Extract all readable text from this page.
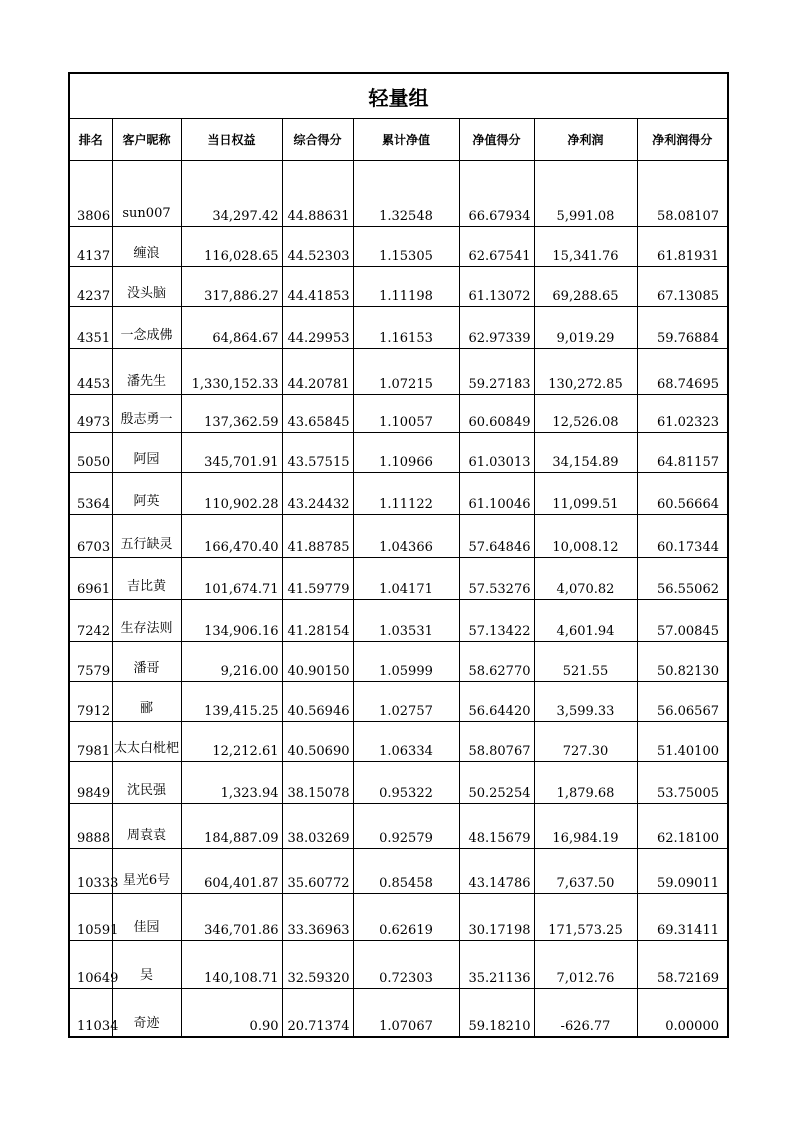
轻量组							
排名	客户昵称	当日权益	综合得分	累计净值	净值得分	净利润	净利润得分
3806	sun007	34,297.42	44.88631	1.32548	66.67934	5,991.08	58.08107
4137	缠浪	116,028.65	44.52303	1.15305	62.67541	15,341.76	61.81931
4237	没头脑	317,886.27	44.41853	1.11198	61.13072	69,288.65	67.13085
4351	一念成佛	64,864.67	44.29953	1.16153	62.97339	9,019.29	59.76884
4453	潘先生	1,330,152.33	44.20781	1.07215	59.27183	130,272.85	68.74695
4973	殷志勇一	137,362.59	43.65845	1.10057	60.60849	12,526.08	61.02323
5050	阿园	345,701.91	43.57515	1.10966	61.03013	34,154.89	64.81157
5364	阿英	110,902.28	43.24432	1.11122	61.10046	11,099.51	60.56664
6703	五行缺灵	166,470.40	41.88785	1.04366	57.64846	10,008.12	60.17344
6961	吉比黄	101,674.71	41.59779	1.04171	57.53276	4,070.82	56.55062
7242	生存法则	134,906.16	41.28154	1.03531	57.13422	4,601.94	57.00845
7579	潘哥	9,216.00	40.90150	1.05999	58.62770	521.55	50.82130
7912	郦	139,415.25	40.56946	1.02757	56.64420	3,599.33	56.06567
7981	太太白枇杷	12,212.61	40.50690	1.06334	58.80767	727.30	51.40100
9849	沈民强	1,323.94	38.15078	0.95322	50.25254	1,879.68	53.75005
9888	周袁袁	184,887.09	38.03269	0.92579	48.15679	16,984.19	62.18100
10333	星光6号	604,401.87	35.60772	0.85458	43.14786	7,637.50	59.09011
10591	佳园	346,701.86	33.36963	0.62619	30.17198	171,573.25	69.31411
10649	吴	140,108.71	32.59320	0.72303	35.21136	7,012.76	58.72169
11034	奇迹	0.90	20.71374	1.07067	59.18210	-626.77	0.00000
